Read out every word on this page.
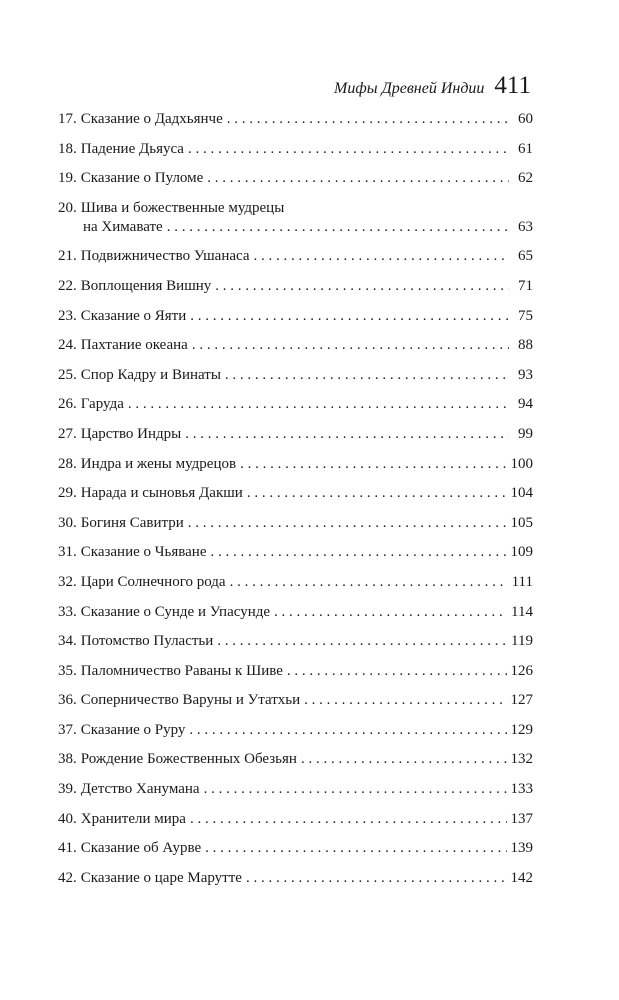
Мифы Древней Индии 411
17. Сказание о Дадхьянче . . .	60
18. Падение Дьяуса . . .	61
19. Сказание о Пуломе . . .	62
20. Шива и божественные мудрецы
на Химавате . . .	63
21. Подвижничество Ушанаса . . .	65
22. Воплощения Вишну . . .	71
23. Сказание о Яяти . . .	75
24. Пахтание океана . . .	88
25. Спор Кадру и Винаты . . .	93
26. Гаруда . . .	94
27. Царство Индры . . .	99
28. Индра и жены мудрецов . . .	100
29. Нарада и сыновья Дакши . . .	104
30. Богиня Савитри . . .	105
31. Сказание о Чьяване . . .	109
32. Цари Солнечного рода . . .	111
33. Сказание о Сунде и Упасунде . . .	114
34. Потомство Пуластьи . . .	119
35. Паломничество Раваны к Шиве . . .	126
36. Соперничество Варуны и Утатхьи . . .	127
37. Сказание о Руру . . .	129
38. Рождение Божественных Обезьян . . .	132
39. Детство Ханумана . . .	133
40. Хранители мира . . .	137
41. Сказание об Аурве . . .	139
42. Сказание о царе Марутте . . .	142
